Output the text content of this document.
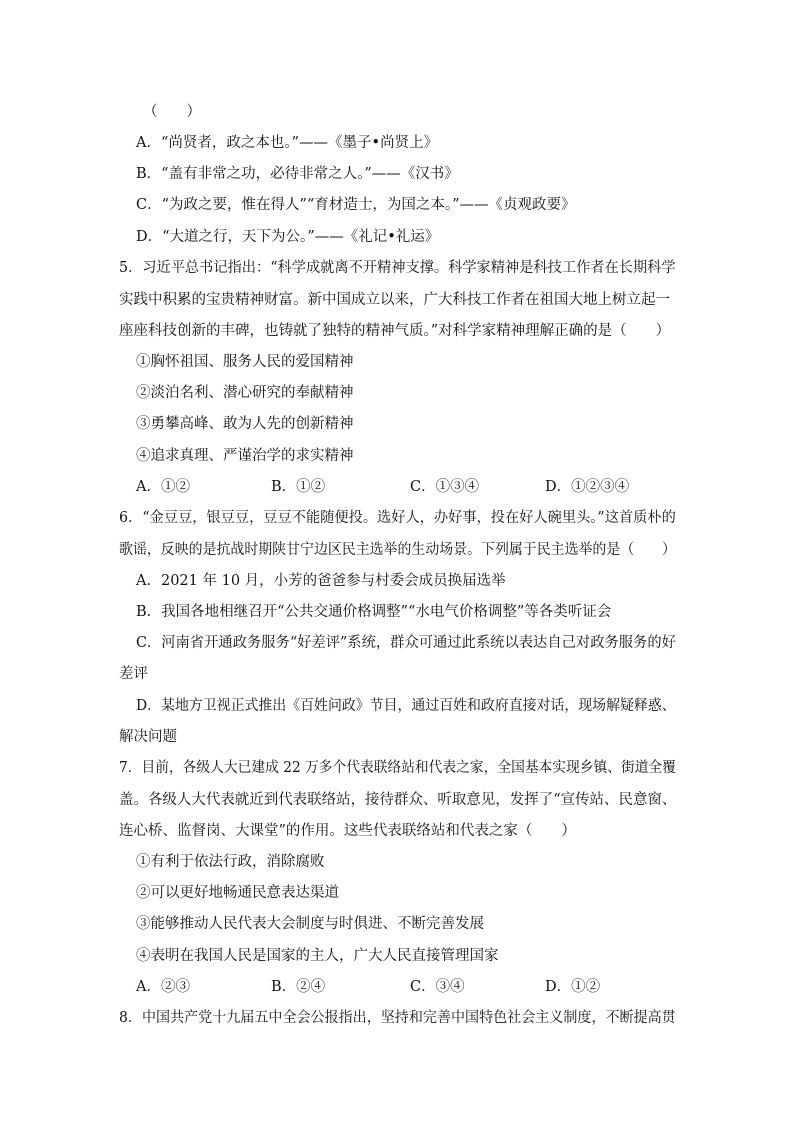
（　　）
A．“尚贤者，政之本也。”——《墨子•尚贤上》
B．“盖有非常之功，必待非常之人。”——《汉书》
C．“为政之要，惟在得人”“育材造士，为国之本。”——《贞观政要》
D．“大道之行，天下为公。”——《礼记•礼运》
5．习近平总书记指出：“科学成就离不开精神支撑。科学家精神是科技工作者在长期科学
实践中积累的宝贵精神财富。新中国成立以来，广大科技工作者在祖国大地上树立起一
座座科技创新的丰碑，也铸就了独特的精神气质。”对科学家精神理解正确的是（　　）
①胸怀祖国、服务人民的爱国精神
②淡泊名利、潜心研究的奉献精神
③勇攀高峰、敢为人先的创新精神
④追求真理、严谨治学的求实精神
A．①②	B．①②	C．①③④	D．①②③④
6．“金豆豆，银豆豆，豆豆不能随便投。选好人，办好事，投在好人碗里头。”这首质朴的
歌谣，反映的是抗战时期陕甘宁边区民主选举的生动场景。下列属于民主选举的是（　　）
A．2021 年 10 月，小芳的爸爸参与村委会成员换届选举
B．我国各地相继召开“公共交通价格调整”“水电气价格调整”等各类听证会
C．河南省开通政务服务“好差评”系统，群众可通过此系统以表达自己对政务服务的好
差评
D．某地方卫视正式推出《百姓问政》节目，通过百姓和政府直接对话，现场解疑释惑、
解决问题
7．目前，各级人大已建成 22 万多个代表联络站和代表之家，全国基本实现乡镇、街道全覆
盖。各级人大代表就近到代表联络站，接待群众、听取意见，发挥了“宣传站、民意窗、
连心桥、监督岗、大课堂”的作用。这些代表联络站和代表之家（　　）
①有利于依法行政，消除腐败
②可以更好地畅通民意表达渠道
③能够推动人民代表大会制度与时俱进、不断完善发展
④表明在我国人民是国家的主人，广大人民直接管理国家
A．②③	B．②④	C．③④	D．①②
8．中国共产党十九届五中全会公报指出，坚持和完善中国特色社会主义制度，不断提高贯
